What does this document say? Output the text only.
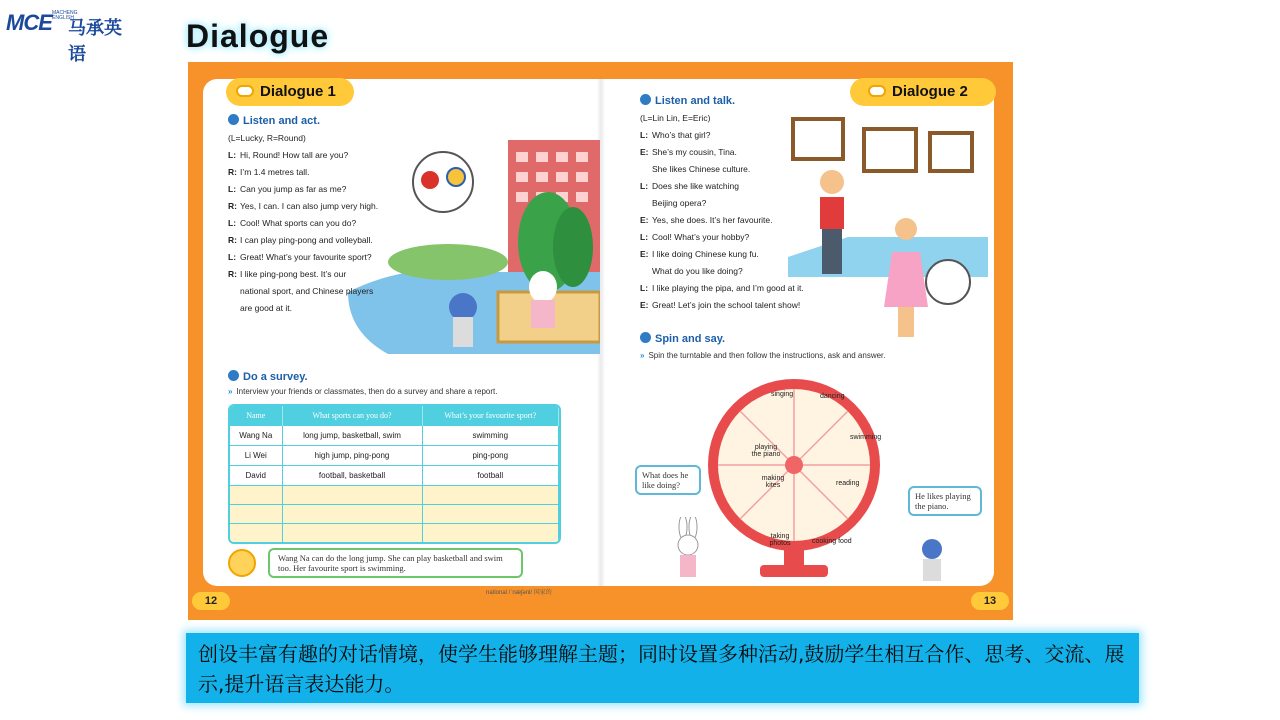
MCE MACHENG ENGLISH
马承英语
Dialogue
Dialogue 1
Listen and act.
(L=Lucky, R=Round)
L: Hi, Round! How tall are you?
R: I’m 1.4 metres tall.
L: Can you jump as far as me?
R: Yes, I can. I can also jump very high.
L: Cool! What sports can you do?
R: I can play ping-pong and volleyball.
L: Great! What’s your favourite sport?
R: I like ping-pong best. It’s our
national sport, and Chinese players
are good at it.
Do a survey.
» Interview your friends or classmates, then do a survey and share a report.
Name	What sports can you do?	What’s your favourite sport?
Wang Na	long jump, basketball, swim	swimming
Li Wei	high jump, ping-pong	ping-pong
David	football, basketball	football

Wang Na can do the long jump. She can play basketball and swim too. Her favourite sport is swimming.
12
national /ˈnæʃənl/ 国家的
Dialogue 2
Listen and talk.
(L=Lin Lin, E=Eric)
L: Who’s that girl?
E: She’s my cousin, Tina.
She likes Chinese culture.
L: Does she like watching
Beijing opera?
E: Yes, she does. It’s her favourite.
L: Cool! What’s your hobby?
E: I like doing Chinese kung fu.
What do you like doing?
L: I like playing the pipa, and I’m good at it.
E: Great! Let’s join the school talent show!
Spin and say.
» Spin the turntable and then follow the instructions, ask and answer.
singing	dancing
swimming
reading
cooking food
taking photos
making kites
playing the piano
What does he like doing?
He likes playing the piano.
13
创设丰富有趣的对话情境，使学生能够理解主题；同时设置多种活动,鼓励学生相互合作、思考、交流、展示,提升语言表达能力。
